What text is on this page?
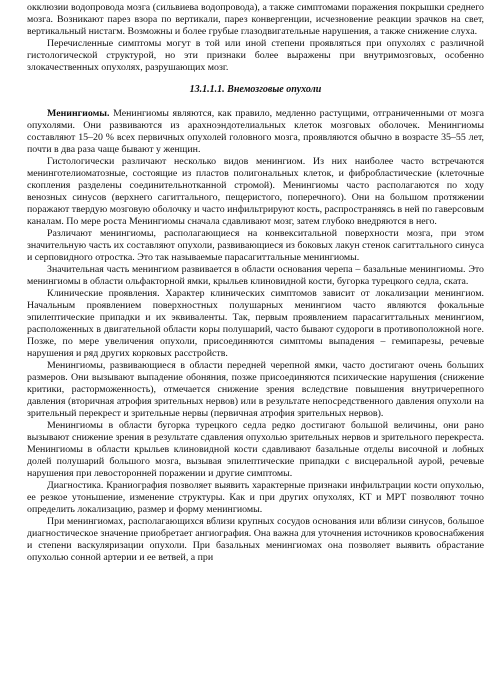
окклюзии водопровода мозга (сильвиева водопровода), а также симптомами поражения покрышки среднего мозга. Возникают парез взора по вертикали, парез конвергенции, исчезновение реакции зрачков на свет, вертикальный нистагм. Возможны и более грубые глазодвигательные нарушения, а также снижение слуха.

Перечисленные симптомы могут в той или иной степени проявляться при опухолях с различной гистологической структурой, но эти признаки более выражены при внутримозговых, особенно злокачественных опухолях, разрушающих мозг.

13.1.1.1. Внемозговые опухоли

Менингиомы. Менингиомы являются, как правило, медленно растущими, отграниченными от мозга опухолями. Они развиваются из арахноэндотелиальных клеток мозговых оболочек. Менингиомы составляют 15–20 % всех первичных опухолей головного мозга, проявляются обычно в возрасте 35–55 лет, почти в два раза чаще бывают у женщин.

Гистологически различают несколько видов менингиом. Из них наиболее часто встречаются менинготелиоматозные, состоящие из пластов полигональных клеток, и фибробластические (клеточные скопления разделены соединительнотканной стромой). Менингиомы часто располагаются по ходу венозных синусов (верхнего сагиттального, пещеристого, поперечного). Они на большом протяжении поражают твердую мозговую оболочку и часто инфильтрируют кость, распространяясь в ней по гаверсовым каналам. По мере роста Менингиомы сначала сдавливают мозг, затем глубоко внедряются в него.

Различают менингиомы, располагающиеся на конвекситальной поверхности мозга, при этом значительную часть их составляют опухоли, развивающиеся из боковых лакун стенок сагиттального синуса и серповидного отростка. Это так называемые парасагиттальные менингиомы.

Значительная часть менингиом развивается в области основания черепа – базальные менингиомы. Это менингиомы в области ольфакторной ямки, крыльев клиновидной кости, бугорка турецкого седла, ската.

Клинические проявления. Характер клинических симптомов зависит от локализации менингиом. Начальным проявлением поверхностных полушарных менингиом часто являются фокальные эпилептические припадки и их эквиваленты. Так, первым проявлением парасагиттальных менингиом, расположенных в двигательной области коры полушарий, часто бывают судороги в противоположной ноге. Позже, по мере увеличения опухоли, присоединяются симптомы выпадения – гемипарезы, речевые нарушения и ряд других корковых расстройств.

Менингиомы, развивающиеся в области передней черепной ямки, часто достигают очень больших размеров. Они вызывают выпадение обоняния, позже присоединяются психические нарушения (снижение критики, расторможенность), отмечается снижение зрения вследствие повышения внутричерепного давления (вторичная атрофия зрительных нервов) или в результате непосредственного давления опухоли на зрительный перекрест и зрительные нервы (первичная атрофия зрительных нервов).

Менингиомы в области бугорка турецкого седла редко достигают большой величины, они рано вызывают снижение зрения в результате сдавления опухолью зрительных нервов и зрительного перекреста. Менингиомы в области крыльев клиновидной кости сдавливают базальные отделы височной и лобных долей полушарий большого мозга, вызывая эпилептические припадки с висцеральной аурой, речевые нарушения при левосторонней поражении и другие симптомы.

Диагностика. Краниография позволяет выявить характерные признаки инфильтрации кости опухолью, ее резкое утоньшение, изменение структуры. Как и при других опухолях, КТ и МРТ позволяют точно определить локализацию, размер и форму менингиомы.

При менингиомах, располагающихся вблизи крупных сосудов основания или вблизи синусов, большое диагностическое значение приобретает ангиография. Она важна для уточнения источников кровоснабжения и степени васкуляризации опухоли. При базальных менингиомах она позволяет выявить обрастание опухолью сонной артерии и ее ветвей, а при
